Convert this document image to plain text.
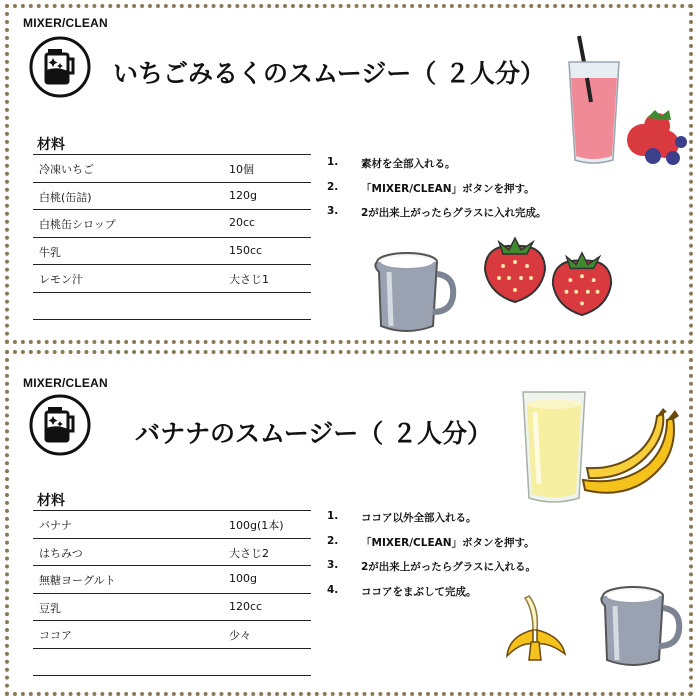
MIXER/CLEAN
いちごみるくのスムージー（ ２人分）
材料
冷凍いちご	10個
白桃(缶詰)	120g
白桃缶シロップ	20cc
牛乳	150cc
レモン汁	大さじ1
1.	素材を全部入れる。
2.	「MIXER/CLEAN」ボタンを押す。
3.	2が出来上がったらグラスに入れ完成。
MIXER/CLEAN
バナナのスムージー（ ２人分）
材料
バナナ	100g(1本)
はちみつ	大さじ2
無糖ヨーグルト	100g
豆乳	120cc
ココア	少々
1.	ココア以外全部入れる。
2.	「MIXER/CLEAN」ボタンを押す。
3.	2が出来上がったらグラスに入れる。
4.	ココアをまぶして完成。
